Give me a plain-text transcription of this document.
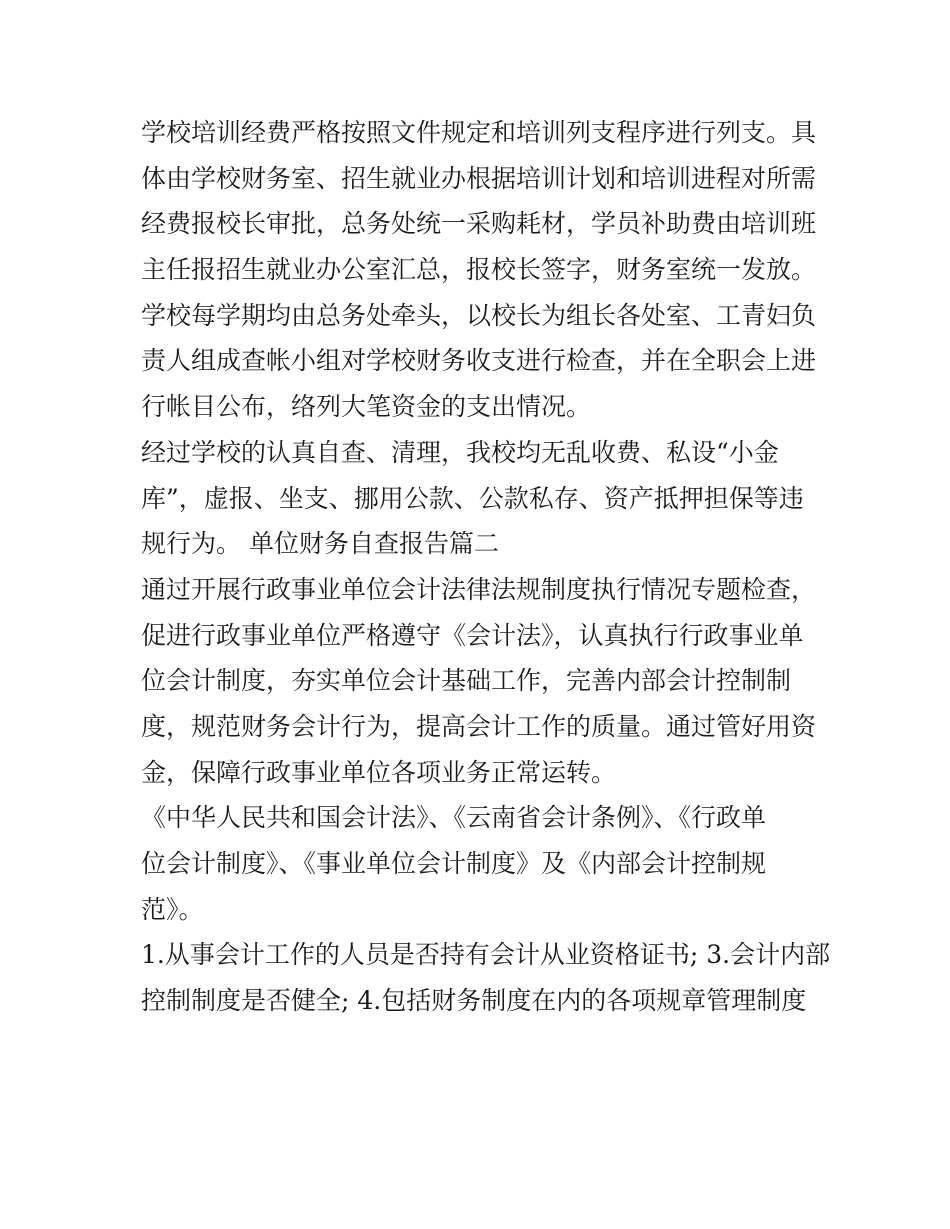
学校培训经费严格按照文件规定和培训列支程序进行列支。具
体由学校财务室、招生就业办根据培训计划和培训进程对所需
经费报校长审批，总务处统一采购耗材，学员补助费由培训班
主任报招生就业办公室汇总，报校长签字，财务室统一发放。
学校每学期均由总务处牵头，以校长为组长各处室、工青妇负
责人组成查帐小组对学校财务收支进行检查，并在全职会上进
行帐目公布，络列大笔资金的支出情况。
经过学校的认真自查、清理，我校均无乱收费、私设“小金
库”，虚报、坐支、挪用公款、公款私存、资产抵押担保等违
规行为。 单位财务自查报告篇二
通过开展行政事业单位会计法律法规制度执行情况专题检查，
促进行政事业单位严格遵守《会计法》，认真执行行政事业单
位会计制度，夯实单位会计基础工作，完善内部会计控制制
度，规范财务会计行为，提高会计工作的质量。通过管好用资
金，保障行政事业单位各项业务正常运转。
《中华人民共和国会计法》、《云南省会计条例》、《行政单
位会计制度》、《事业单位会计制度》及《内部会计控制规
范》。
1.从事会计工作的人员是否持有会计从业资格证书; 3.会计内部
控制制度是否健全; 4.包括财务制度在内的各项规章管理制度
